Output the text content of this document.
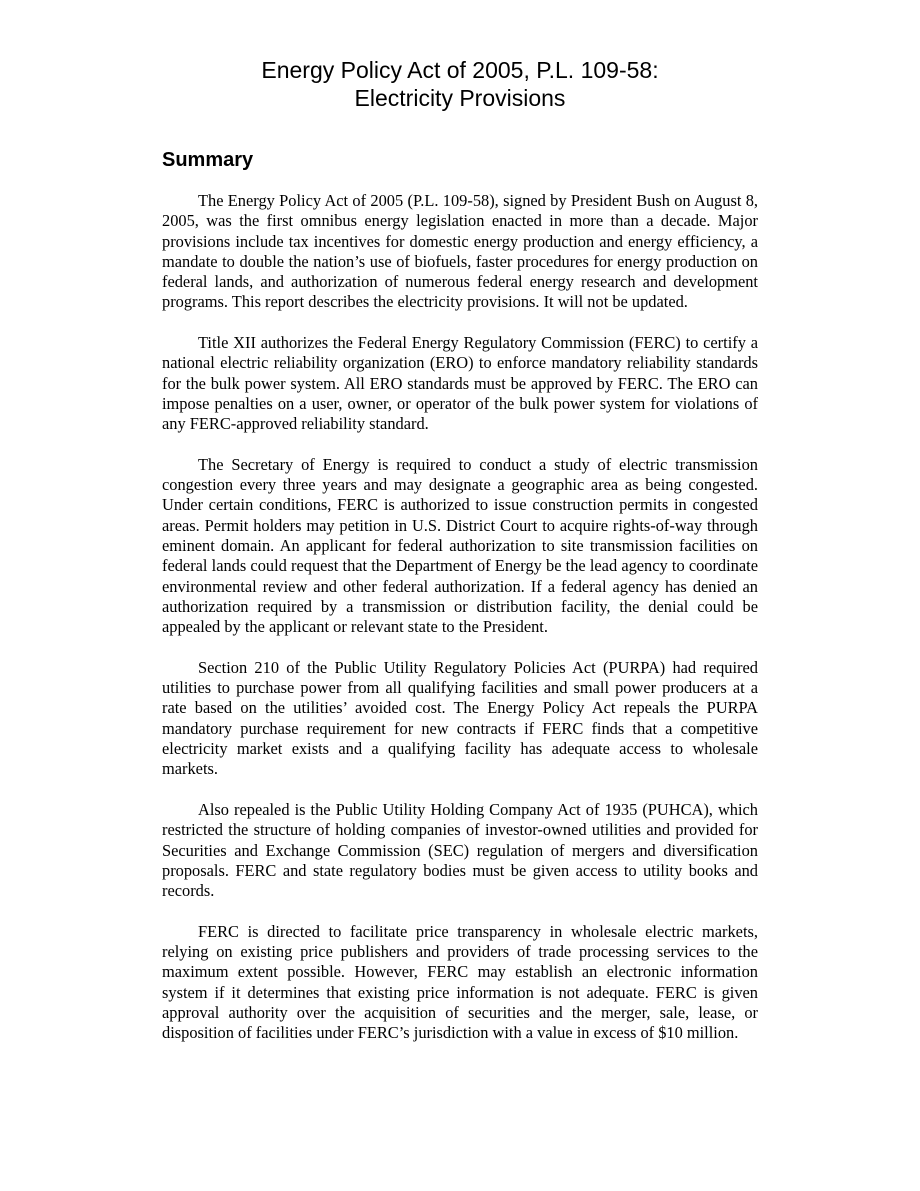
Energy Policy Act of 2005, P.L. 109-58:
Electricity Provisions
Summary

The Energy Policy Act of 2005 (P.L. 109-58), signed by President Bush on August 8, 2005, was the first omnibus energy legislation enacted in more than a decade. Major provisions include tax incentives for domestic energy production and energy efficiency, a mandate to double the nation’s use of biofuels, faster procedures for energy production on federal lands, and authorization of numerous federal energy research and development programs. This report describes the electricity provisions. It will not be updated.

Title XII authorizes the Federal Energy Regulatory Commission (FERC) to certify a national electric reliability organization (ERO) to enforce mandatory reliability standards for the bulk power system. All ERO standards must be approved by FERC. The ERO can impose penalties on a user, owner, or operator of the bulk power system for violations of any FERC-approved reliability standard.

The Secretary of Energy is required to conduct a study of electric transmission congestion every three years and may designate a geographic area as being congested. Under certain conditions, FERC is authorized to issue construction permits in congested areas. Permit holders may petition in U.S. District Court to acquire rights-of-way through eminent domain. An applicant for federal authorization to site transmission facilities on federal lands could request that the Department of Energy be the lead agency to coordinate environmental review and other federal authorization. If a federal agency has denied an authorization required by a transmission or distribution facility, the denial could be appealed by the applicant or relevant state to the President.

Section 210 of the Public Utility Regulatory Policies Act (PURPA) had required utilities to purchase power from all qualifying facilities and small power producers at a rate based on the utilities’ avoided cost. The Energy Policy Act repeals the PURPA mandatory purchase requirement for new contracts if FERC finds that a competitive electricity market exists and a qualifying facility has adequate access to wholesale markets.

Also repealed is the Public Utility Holding Company Act of 1935 (PUHCA), which restricted the structure of holding companies of investor-owned utilities and provided for Securities and Exchange Commission (SEC) regulation of mergers and diversification proposals. FERC and state regulatory bodies must be given access to utility books and records.

FERC is directed to facilitate price transparency in wholesale electric markets, relying on existing price publishers and providers of trade processing services to the maximum extent possible. However, FERC may establish an electronic information system if it determines that existing price information is not adequate. FERC is given approval authority over the acquisition of securities and the merger, sale, lease, or disposition of facilities under FERC’s jurisdiction with a value in excess of $10 million.
